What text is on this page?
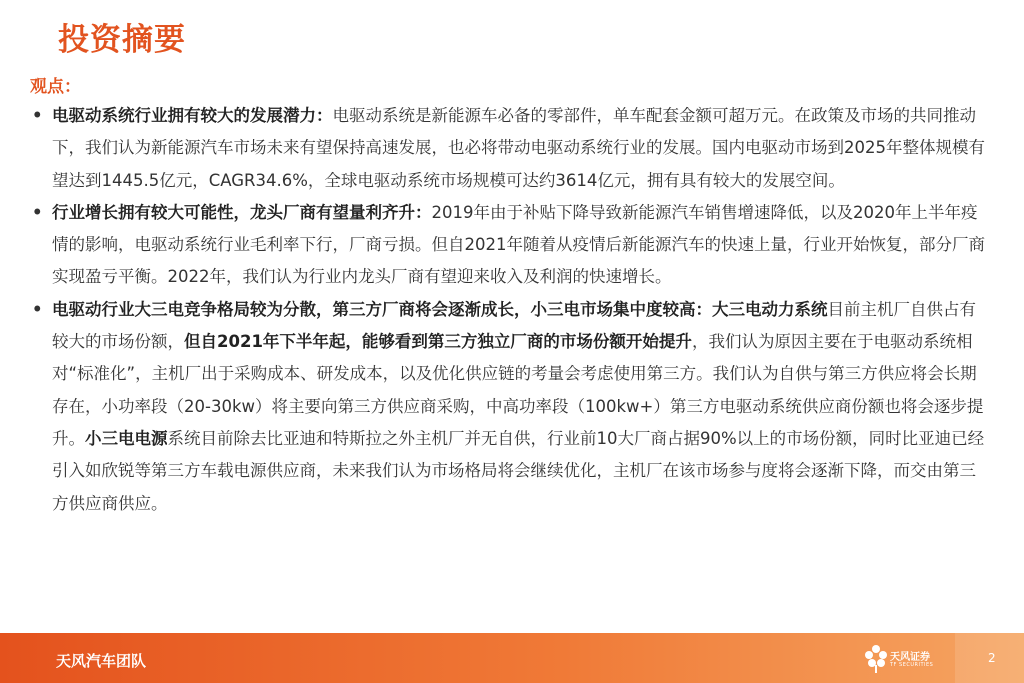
投资摘要
观点：
• 电驱动系统行业拥有较大的发展潜力：电驱动系统是新能源车必备的零部件，单车配套金额可超万元。在政策及市场的共同推动下，我们认为新能源汽车市场未来有望保持高速发展，也必将带动电驱动系统行业的发展。国内电驱动市场到2025年整体规模有望达到1445.5亿元，CAGR34.6%，全球电驱动系统市场规模可达约3614亿元，拥有具有较大的发展空间。
• 行业增长拥有较大可能性，龙头厂商有望量利齐升：2019年由于补贴下降导致新能源汽车销售增速降低，以及2020年上半年疫情的影响，电驱动系统行业毛利率下行，厂商亏损。但自2021年随着从疫情后新能源汽车的快速上量，行业开始恢复，部分厂商实现盈亏平衡。2022年，我们认为行业内龙头厂商有望迎来收入及利润的快速增长。
• 电驱动行业大三电竞争格局较为分散，第三方厂商将会逐渐成长，小三电市场集中度较高：大三电动力系统目前主机厂自供占有较大的市场份额，但自2021年下半年起，能够看到第三方独立厂商的市场份额开始提升，我们认为原因主要在于电驱动系统相对“标准化”，主机厂出于采购成本、研发成本，以及优化供应链的考量会考虑使用第三方。我们认为自供与第三方供应将会长期存在，小功率段（20-30kw）将主要向第三方供应商采购，中高功率段（100kw+）第三方电驱动系统供应商份额也将会逐步提升。小三电电源系统目前除去比亚迪和特斯拉之外主机厂并无自供，行业前10大厂商占据90%以上的市场份额，同时比亚迪已经引入如欣锐等第三方车载电源供应商，未来我们认为市场格局将会继续优化，主机厂在该市场参与度将会逐渐下降，而交由第三方供应商供应。
天风汽车团队	天风证券
TF SECURITIES	2
